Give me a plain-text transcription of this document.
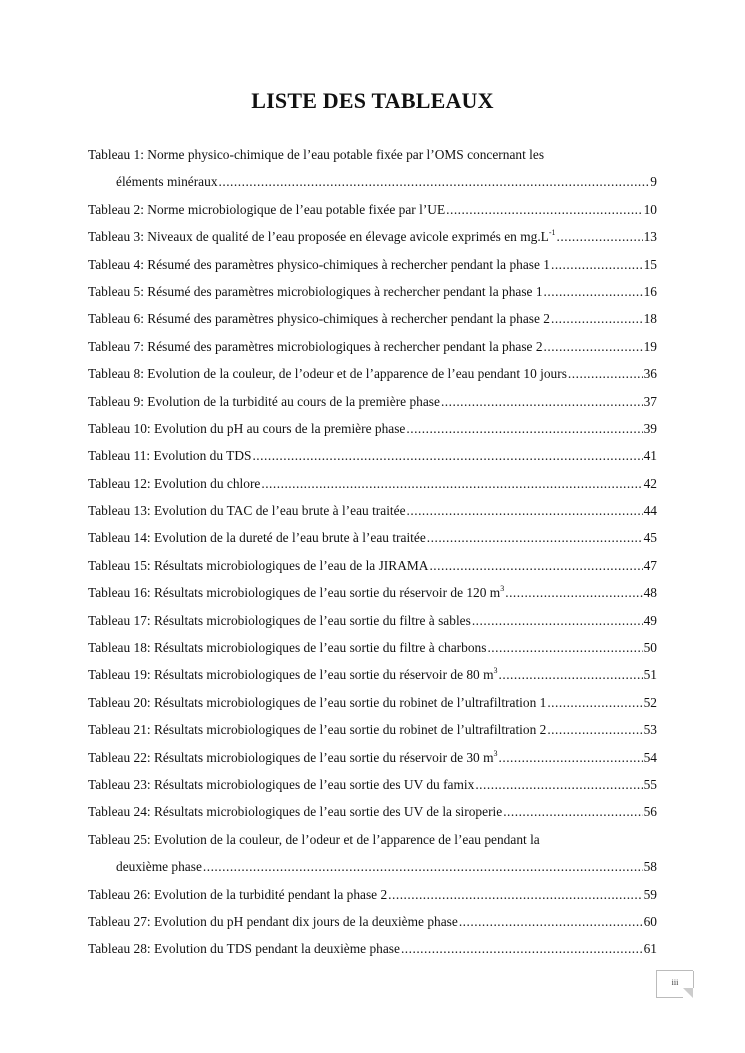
LISTE DES TABLEAUX
Tableau 1: Norme physico-chimique de l’eau potable fixée par l’OMS concernant les
éléments minéraux .....	9
Tableau 2: Norme microbiologique de l’eau potable fixée par l’UE .....	10
Tableau 3: Niveaux de qualité de l’eau proposée en élevage avicole exprimés en $mg.L^{-1}$ .....	13
Tableau 4: Résumé des paramètres physico-chimiques à rechercher pendant la phase 1 .....	15
Tableau 5: Résumé des paramètres microbiologiques à rechercher pendant la phase 1 .....	16
Tableau 6: Résumé des paramètres physico-chimiques à rechercher pendant la phase 2 .....	18
Tableau 7: Résumé des paramètres microbiologiques à rechercher pendant la phase 2 .....	19
Tableau 8: Evolution de la couleur, de l’odeur et de l’apparence de l’eau pendant 10 jours .....	36
Tableau 9: Evolution de la turbidité au cours de la première phase .....	37
Tableau 10: Evolution du pH au cours de la première phase .....	39
Tableau 11: Evolution du TDS .....	41
Tableau 12: Evolution du chlore .....	42
Tableau 13: Evolution du TAC de l’eau brute à l’eau traitée .....	44
Tableau 14: Evolution de la dureté de l’eau brute à l’eau traitée .....	45
Tableau 15: Résultats microbiologiques de l’eau de la JIRAMA .....	47
Tableau 16: Résultats microbiologiques de l’eau sortie du réservoir de 120 $m^3$ .....	48
Tableau 17: Résultats microbiologiques de l’eau sortie du filtre à sables .....	49
Tableau 18: Résultats microbiologiques de l’eau sortie du filtre à charbons .....	50
Tableau 19: Résultats microbiologiques de l’eau sortie du réservoir de 80 $m^3$ .....	51
Tableau 20: Résultats microbiologiques de l’eau sortie du robinet de l’ultrafiltration 1 .....	52
Tableau 21: Résultats microbiologiques de l’eau sortie du robinet de l’ultrafiltration 2 .....	53
Tableau 22: Résultats microbiologiques de l’eau sortie du réservoir de 30 $m^3$ .....	54
Tableau 23: Résultats microbiologiques de l’eau sortie des UV du famix .....	55
Tableau 24: Résultats microbiologiques de l’eau sortie des UV de la siroperie .....	56
Tableau 25: Evolution de la couleur, de l’odeur et de l’apparence de l’eau pendant la
deuxième phase .....	58
Tableau 26: Evolution de la turbidité pendant la phase 2 .....	59
Tableau 27: Evolution du pH pendant dix jours de la deuxième phase .....	60
Tableau 28: Evolution du TDS pendant la deuxième phase .....	61
iii
